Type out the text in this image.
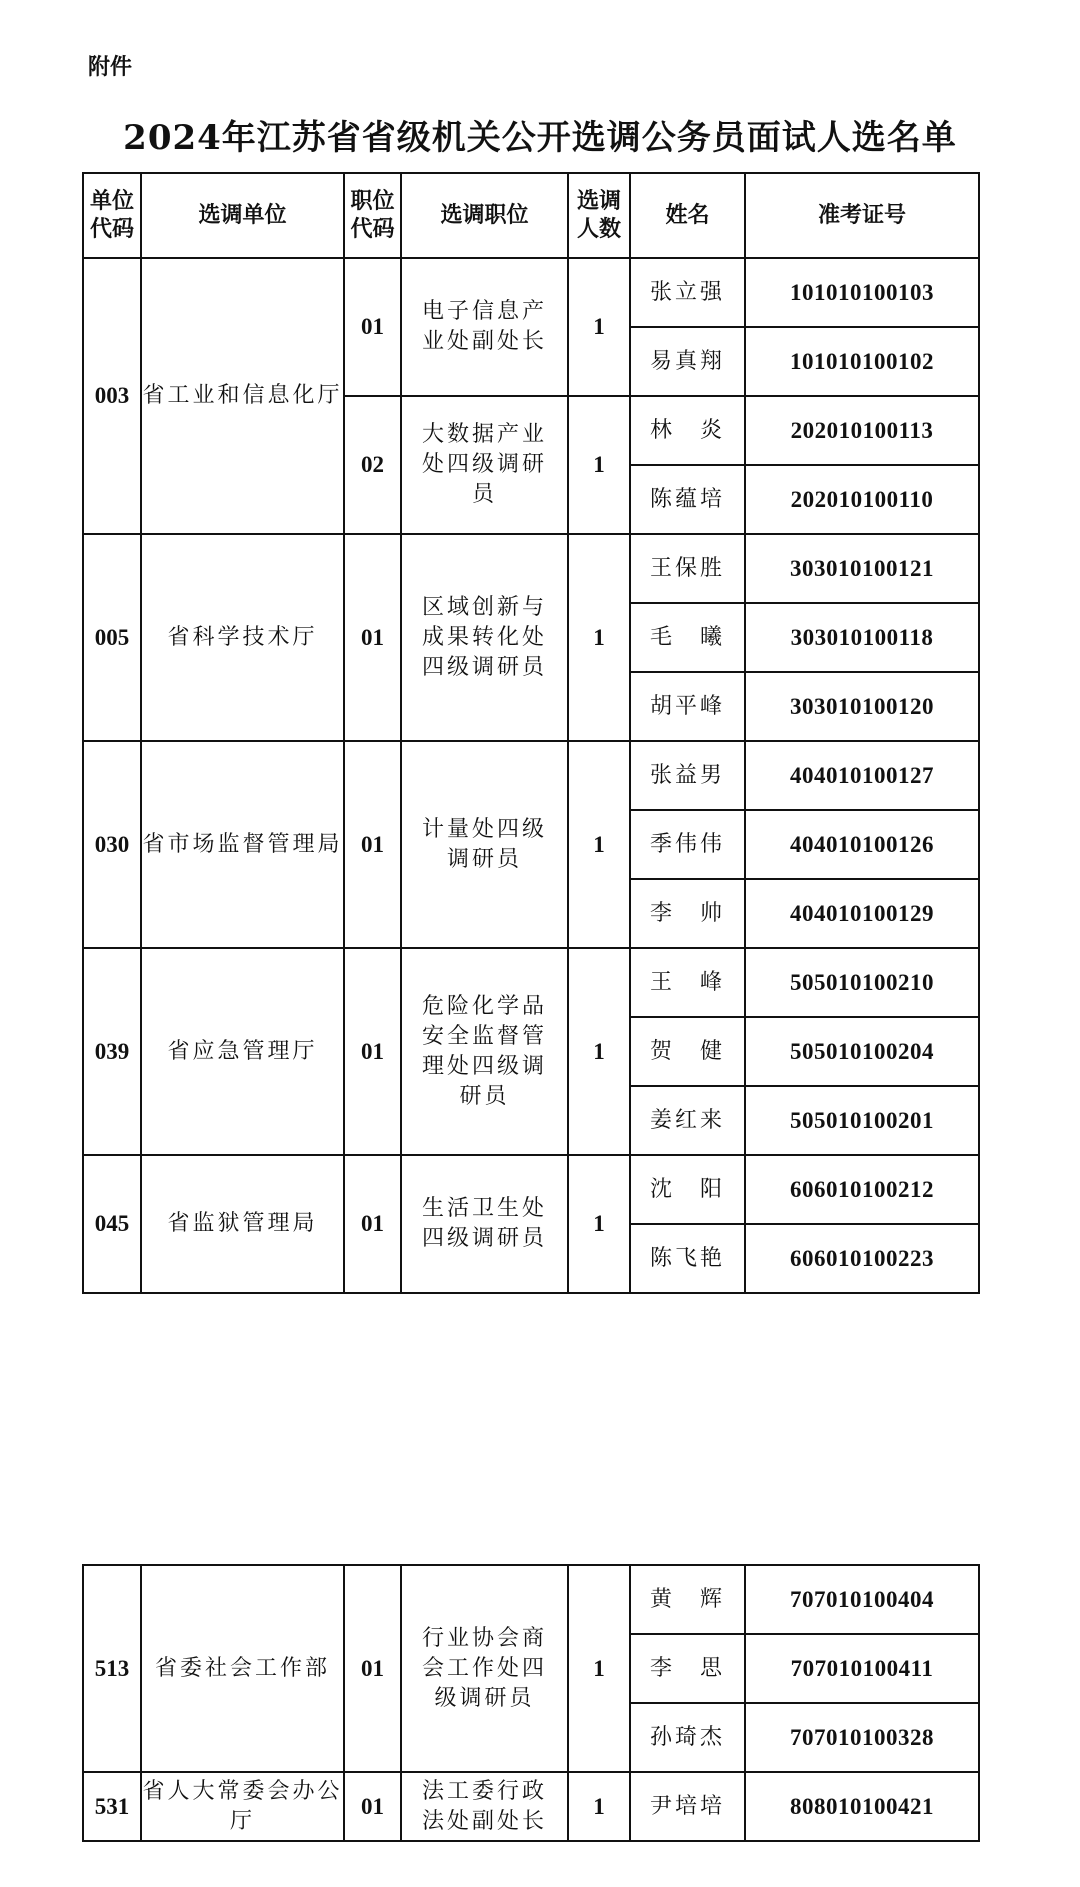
附件
2024年江苏省省级机关公开选调公务员面试人选名单
单位代码	选调单位	职位代码	选调职位	选调人数	姓名	准考证号
003	省工业和信息化厅	01	电子信息产业处副处长	1	张立强	101010100103
					易真翔	101010100102
		02	大数据产业处四级调研员	1	林　炎	202010100113
					陈蕴培	202010100110
005	省科学技术厅	01	区域创新与成果转化处四级调研员	1	王保胜	303010100121
					毛　曦	303010100118
					胡平峰	303010100120
030	省市场监督管理局	01	计量处四级调研员	1	张益男	404010100127
					季伟伟	404010100126
					李　帅	404010100129
039	省应急管理厅	01	危险化学品安全监督管理处四级调研员	1	王　峰	505010100210
					贺　健	505010100204
					姜红来	505010100201
045	省监狱管理局	01	生活卫生处四级调研员	1	沈　阳	606010100212
					陈飞艳	606010100223
513	省委社会工作部	01	行业协会商会工作处四级调研员	1	黄　辉	707010100404
					李　思	707010100411
					孙琦杰	707010100328
531	省人大常委会办公厅	01	法工委行政法处副处长	1	尹培培	808010100421
